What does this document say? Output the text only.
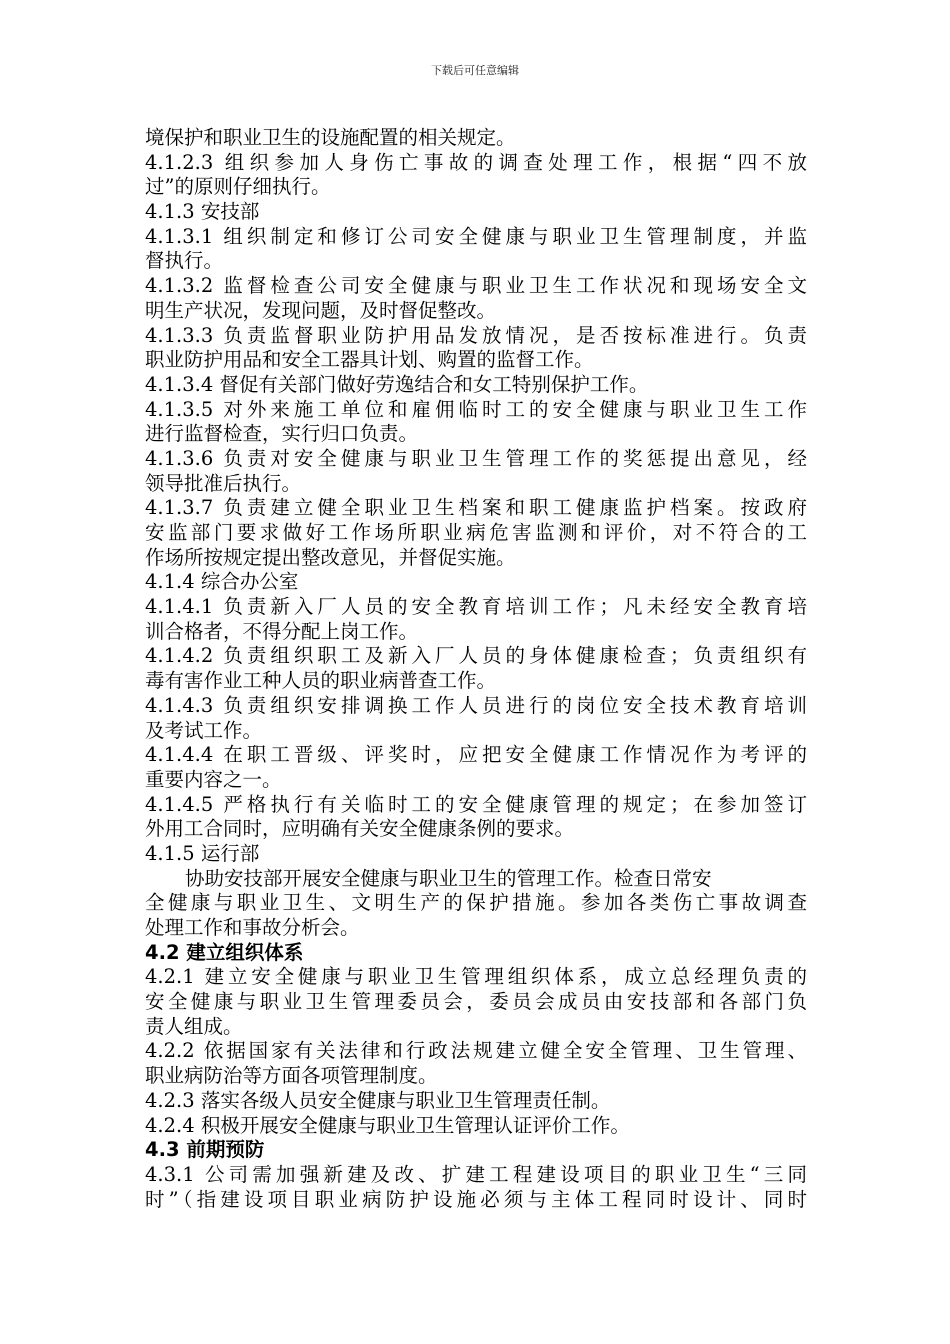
下载后可任意编辑
境保护和职业卫生的设施配置的相关规定。
4.1.2.3 组织参加人身伤亡事故的调查处理工作，根据“四不放
过”的原则仔细执行。
4.1.3 安技部
4.1.3.1 组织制定和修订公司安全健康与职业卫生管理制度，并监
督执行。
4.1.3.2 监督检查公司安全健康与职业卫生工作状况和现场安全文
明生产状况，发现问题，及时督促整改。
4.1.3.3 负责监督职业防护用品发放情况，是否按标准进行。负责
职业防护用品和安全工器具计划、购置的监督工作。
4.1.3.4 督促有关部门做好劳逸结合和女工特别保护工作。
4.1.3.5 对外来施工单位和雇佣临时工的安全健康与职业卫生工作
进行监督检查，实行归口负责。
4.1.3.6 负责对安全健康与职业卫生管理工作的奖惩提出意见，经
领导批准后执行。
4.1.3.7 负责建立健全职业卫生档案和职工健康监护档案。按政府
安监部门要求做好工作场所职业病危害监测和评价，对不符合的工
作场所按规定提出整改意见，并督促实施。
4.1.4 综合办公室
4.1.4.1 负责新入厂人员的安全教育培训工作；凡未经安全教育培
训合格者，不得分配上岗工作。
4.1.4.2 负责组织职工及新入厂人员的身体健康检查；负责组织有
毒有害作业工种人员的职业病普查工作。
4.1.4.3 负责组织安排调换工作人员进行的岗位安全技术教育培训
及考试工作。
4.1.4.4 在职工晋级、评奖时，应把安全健康工作情况作为考评的
重要内容之一。
4.1.4.5 严格执行有关临时工的安全健康管理的规定；在参加签订
外用工合同时，应明确有关安全健康条例的要求。
4.1.5 运行部
协助安技部开展安全健康与职业卫生的管理工作。检查日常安
全健康与职业卫生、文明生产的保护措施。参加各类伤亡事故调查
处理工作和事故分析会。
4.2 建立组织体系
4.2.1 建立安全健康与职业卫生管理组织体系，成立总经理负责的
安全健康与职业卫生管理委员会，委员会成员由安技部和各部门负
责人组成。
4.2.2 依据国家有关法律和行政法规建立健全安全管理、卫生管理、
职业病防治等方面各项管理制度。
4.2.3 落实各级人员安全健康与职业卫生管理责任制。
4.2.4 积极开展安全健康与职业卫生管理认证评价工作。
4.3 前期预防
4.3.1 公司需加强新建及改、扩建工程建设项目的职业卫生“三同
时”（指建设项目职业病防护设施必须与主体工程同时设计、同时
